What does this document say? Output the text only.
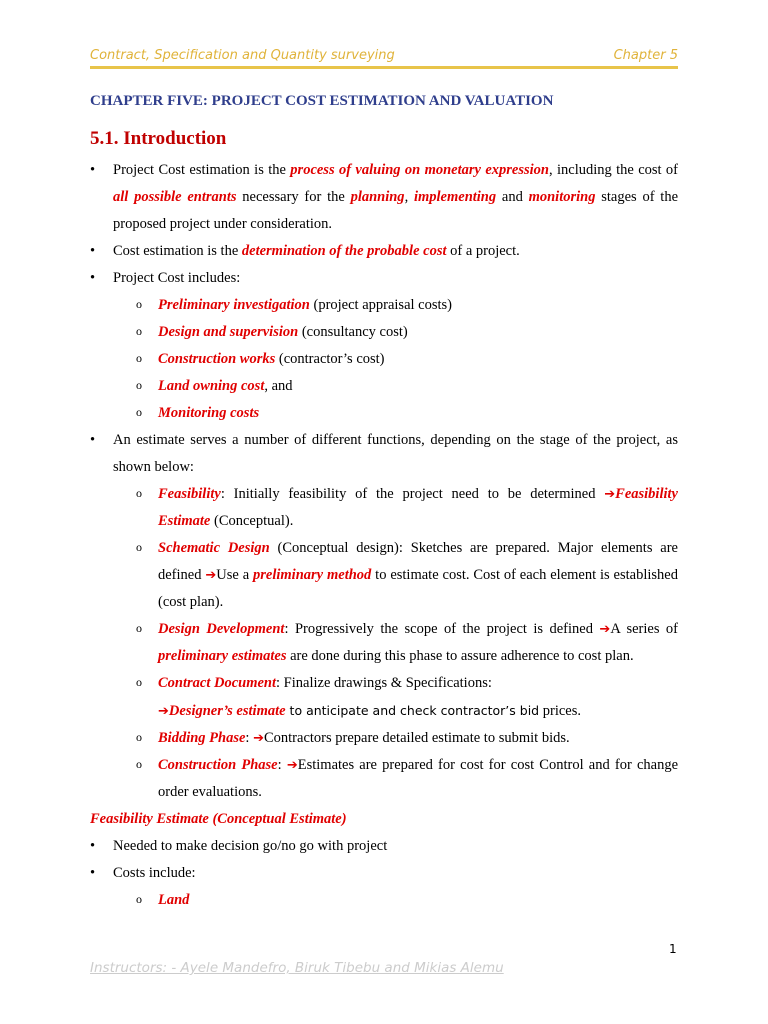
Contract, Specification and Quantity surveying	Chapter 5
CHAPTER FIVE: PROJECT COST ESTIMATION AND VALUATION
5.1. Introduction
• Project Cost estimation is the process of valuing on monetary expression, including the cost of all possible entrants necessary for the planning, implementing and monitoring stages of the proposed project under consideration.
• Cost estimation is the determination of the probable cost of a project.
• Project Cost includes:
o Preliminary investigation (project appraisal costs)
o Design and supervision (consultancy cost)
o Construction works (contractor’s cost)
o Land owning cost, and
o Monitoring costs
• An estimate serves a number of different functions, depending on the stage of the project, as shown below:
o Feasibility: Initially feasibility of the project need to be determined ➔Feasibility Estimate (Conceptual).
o Schematic Design (Conceptual design): Sketches are prepared. Major elements are defined ➔Use a preliminary method to estimate cost. Cost of each element is established (cost plan).
o Design Development: Progressively the scope of the project is defined ➔A series of preliminary estimates are done during this phase to assure adherence to cost plan.
o Contract Document: Finalize drawings & Specifications:
➔Designer’s estimate to anticipate and check contractor’s bid prices.
o Bidding Phase: ➔Contractors prepare detailed estimate to submit bids.
o Construction Phase: ➔Estimates are prepared for cost for cost Control and for change order evaluations.
Feasibility Estimate (Conceptual Estimate)
• Needed to make decision go/no go with project
• Costs include:
o Land
1
Instructors: - Ayele Mandefro, Biruk Tibebu and Mikias Alemu
